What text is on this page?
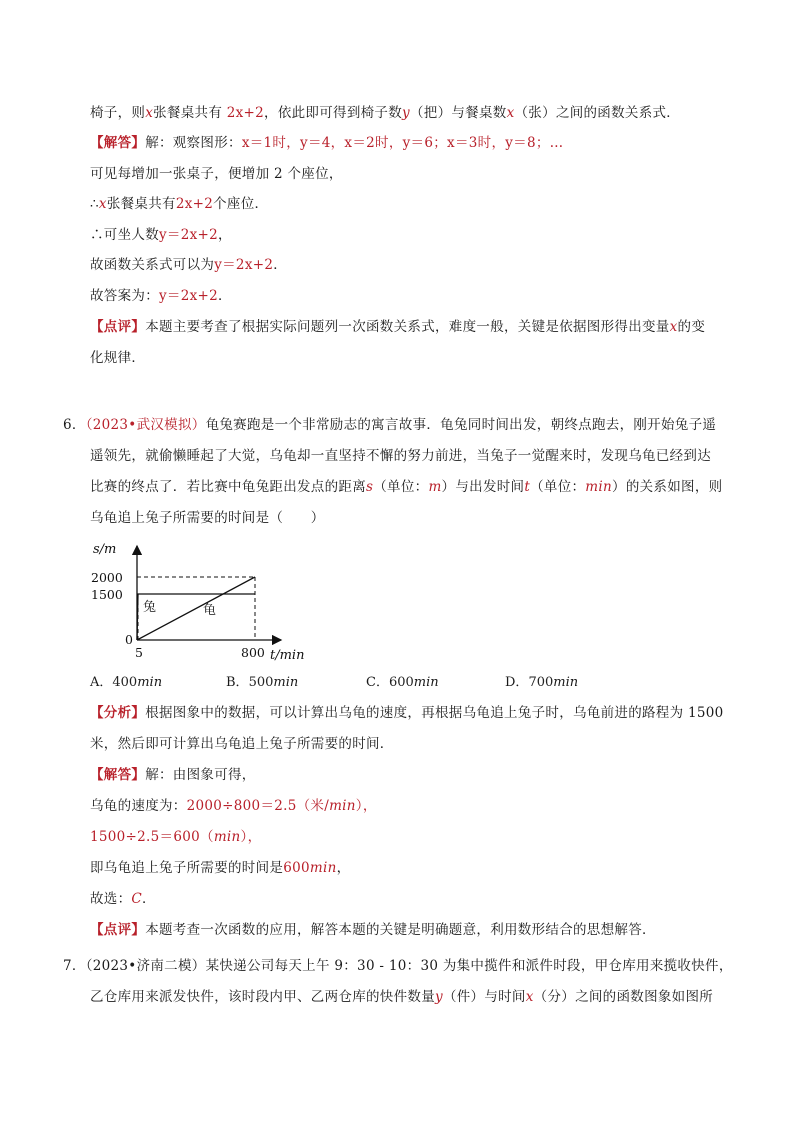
椅子，则x张餐桌共有 2x+2，依此即可得到椅子数y（把）与餐桌数x（张）之间的函数关系式．
【解答】解：观察图形：x＝1时，y＝4，x＝2时，y＝6；x＝3时，y＝8；…
可见每增加一张桌子，便增加 2 个座位，
∴x张餐桌共有2x+2个座位．
∴可坐人数y＝2x+2，
故函数关系式可以为y＝2x+2．
故答案为：y＝2x+2．
【点评】本题主要考查了根据实际问题列一次函数关系式，难度一般，关键是依据图形得出变量x的变
化规律．
6．（2023•武汉模拟）龟兔赛跑是一个非常励志的寓言故事．龟兔同时间出发，朝终点跑去，刚开始兔子遥
遥领先，就偷懒睡起了大觉，乌龟却一直坚持不懈的努力前进，当兔子一觉醒来时，发现乌龟已经到达
比赛的终点了．若比赛中龟兔距出发点的距离s（单位：m）与出发时间t（单位：min）的关系如图，则
乌龟追上兔子所需要的时间是（　　）
s/m
2000
1500
0
5	800 t/min
兔	龟
A．400min	B．500min	C．600min	D．700min
【分析】根据图象中的数据，可以计算出乌龟的速度，再根据乌龟追上兔子时，乌龟前进的路程为 1500
米，然后即可计算出乌龟追上兔子所需要的时间．
【解答】解：由图象可得，
乌龟的速度为：2000÷800＝2.5（米/min），
1500÷2.5＝600（min），
即乌龟追上兔子所需要的时间是600min，
故选：C．
【点评】本题考查一次函数的应用，解答本题的关键是明确题意，利用数形结合的思想解答．
7．（2023•济南二模）某快递公司每天上午 9：30 - 10：30 为集中揽件和派件时段，甲仓库用来揽收快件，
乙仓库用来派发快件，该时段内甲、乙两仓库的快件数量y（件）与时间x（分）之间的函数图象如图所
